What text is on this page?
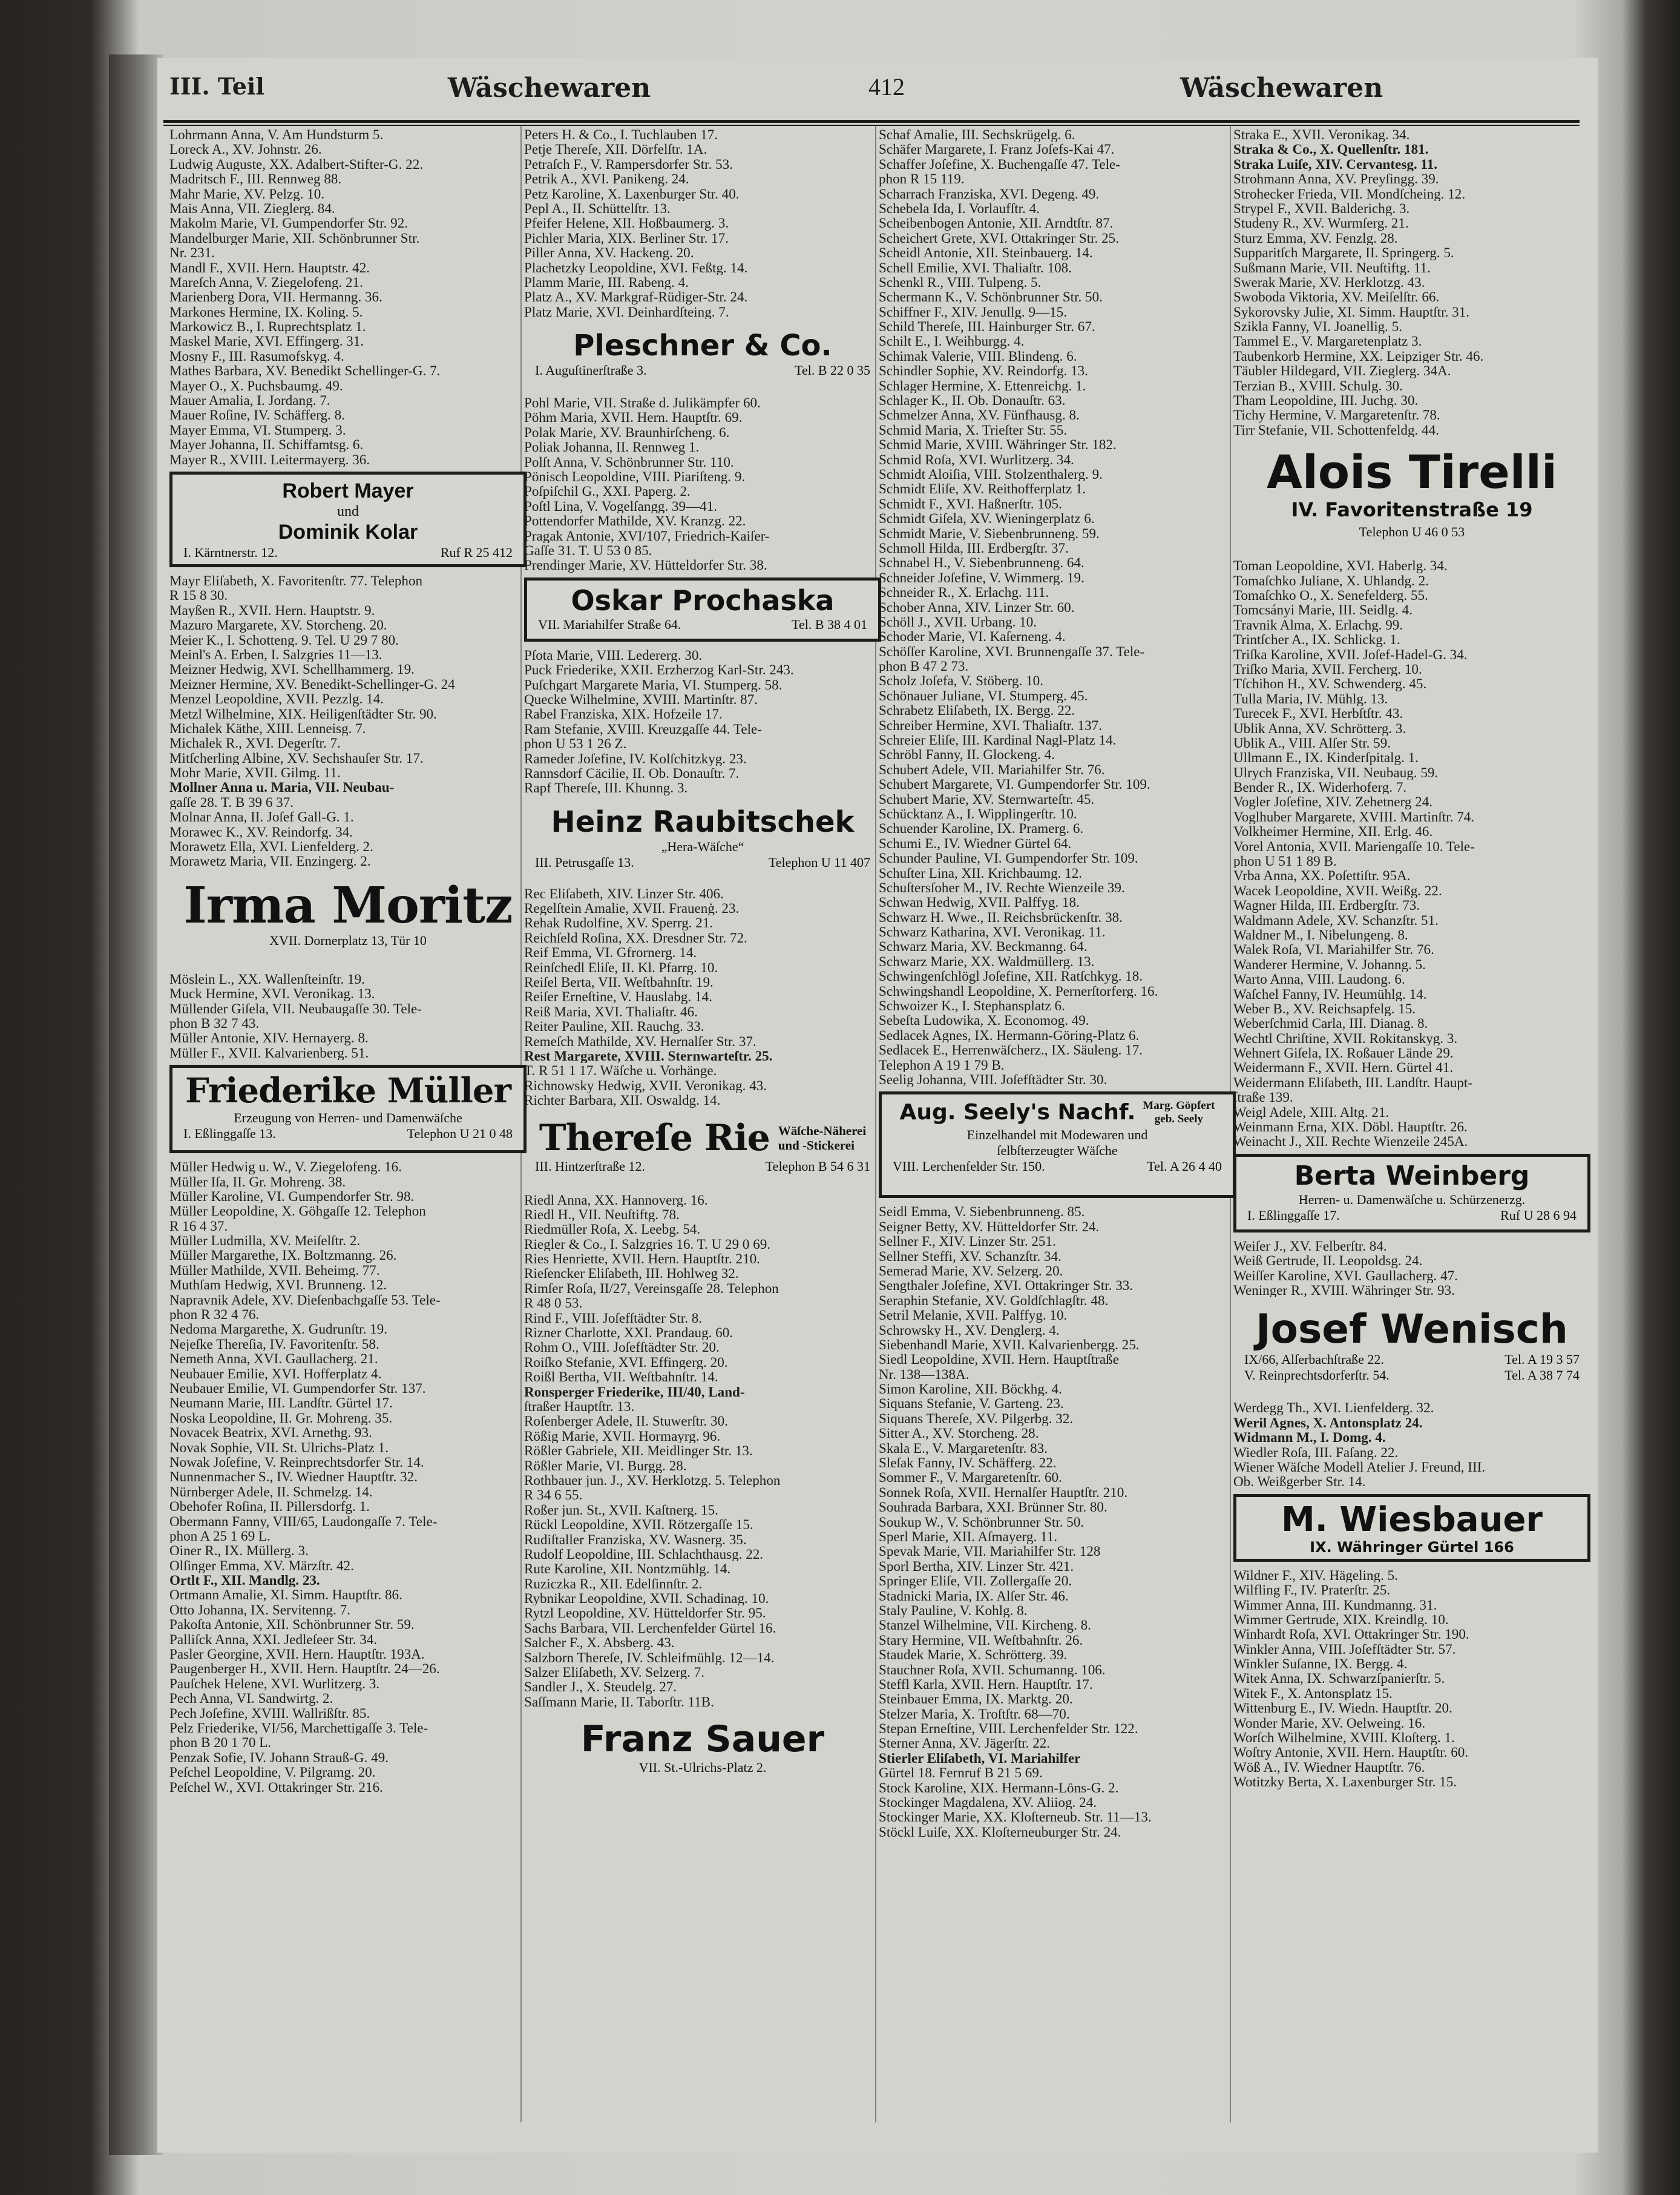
III. Teil	Wäschewaren	412	Wäschewaren
Lohrmann Anna, V. Am Hundsturm 5.
Loreck A., XV. Johnstr. 26.
Ludwig Auguste, XX. Adalbert-Stifter-G. 22.
Madritsch F., III. Rennweg 88.
Mahr Marie, XV. Pelzg. 10.
Mais Anna, VII. Zieglerg. 84.
Makolm Marie, VI. Gumpendorfer Str. 92.
Mandelburger Marie, XII. Schönbrunner Str.
Nr. 231.
Mandl F., XVII. Hern. Hauptstr. 42.
Mareſch Anna, V. Ziegelofeng. 21.
Marienberg Dora, VII. Hermanng. 36.
Markones Hermine, IX. Koling. 5.
Markowicz B., I. Ruprechtsplatz 1.
Maskel Marie, XVI. Effingerg. 31.
Mosny F., III. Rasumofskyg. 4.
Mathes Barbara, XV. Benedikt Schellinger-G. 7.
Mayer O., X. Puchsbaumg. 49.
Mauer Amalia, I. Jordang. 7.
Mauer Roſine, IV. Schäfferg. 8.
Mayer Emma, VI. Stumperg. 3.
Mayer Johanna, II. Schiffamtsg. 6.
Mayer R., XVIII. Leitermayerg. 36.
Robert Mayer
und
Dominik Kolar
I. Kärntnerstr. 12.	Ruf R 25 412
Mayr Eliſabeth, X. Favoritenſtr. 77. Telephon
R 15 8 30.
Mayßen R., XVII. Hern. Hauptstr. 9.
Mazuro Margarete, XV. Storcheng. 20.
Meier K., I. Schotteng. 9. Tel. U 29 7 80.
Meinl's A. Erben, I. Salzgries 11—13.
Meizner Hedwig, XVI. Schellhammerg. 19.
Meizner Hermine, XV. Benedikt-Schellinger-G. 24
Menzel Leopoldine, XVII. Pezzlg. 14.
Metzl Wilhelmine, XIX. Heiligenſtädter Str. 90.
Michalek Käthe, XIII. Lenneisg. 7.
Michalek R., XVI. Degerſtr. 7.
Mitſcherling Albine, XV. Sechshauſer Str. 17.
Mohr Marie, XVII. Gilmg. 11.
Mollner Anna u. Maria, VII. Neubau-
gaſſe 28. T. B 39 6 37.
Molnar Anna, II. Joſef Gall-G. 1.
Morawec K., XV. Reindorfg. 34.
Morawetz Ella, XVI. Lienfelderg. 2.
Morawetz Maria, VII. Enzingerg. 2.
Irma Moritz
XVII. Dornerplatz 13, Tür 10
Möslein L., XX. Wallenſteinſtr. 19.
Muck Hermine, XVI. Veronikag. 13.
Müllender Giſela, VII. Neubaugaſſe 30. Tele-
phon B 32 7 43.
Müller Antonie, XIV. Hernayerg. 8.
Müller F., XVII. Kalvarienberg. 51.
Friederike Müller
Erzeugung von Herren- und Damenwäſche
I. Eßlinggaſſe 13.	Telephon U 21 0 48
Müller Hedwig u. W., V. Ziegelofeng. 16.
Müller Iſa, II. Gr. Mohreng. 38.
Müller Karoline, VI. Gumpendorfer Str. 98.
Müller Leopoldine, X. Göhgaſſe 12. Telephon
R 16 4 37.
Müller Ludmilla, XV. Meiſelſtr. 2.
Müller Margarethe, IX. Boltzmanng. 26.
Müller Mathilde, XVII. Beheimg. 77.
Muthſam Hedwig, XVI. Brunneng. 12.
Napravnik Adele, XV. Dieſenbachgaſſe 53. Tele-
phon R 32 4 76.
Nedoma Margarethe, X. Gudrunſtr. 19.
Nejeſke Thereſia, IV. Favoritenſtr. 58.
Nemeth Anna, XVI. Gaullacherg. 21.
Neubauer Emilie, XVI. Hofferplatz 4.
Neubauer Emilie, VI. Gumpendorfer Str. 137.
Neumann Marie, III. Landſtr. Gürtel 17.
Noska Leopoldine, II. Gr. Mohreng. 35.
Novacek Beatrix, XVI. Arnethg. 93.
Novak Sophie, VII. St. Ulrichs-Platz 1.
Nowak Joſefine, V. Reinprechtsdorfer Str. 14.
Nunnenmacher S., IV. Wiedner Hauptſtr. 32.
Nürnberger Adele, II. Schmelzg. 14.
Obehofer Roſina, II. Pillersdorfg. 1.
Obermann Fanny, VIII/65, Laudongaſſe 7. Tele-
phon A 25 1 69 L.
Oiner R., IX. Müllerg. 3.
Olſinger Emma, XV. Märzſtr. 42.
Ortlt F., XII. Mandlg. 23.
Ortmann Amalie, XI. Simm. Hauptſtr. 86.
Otto Johanna, IX. Servitenng. 7.
Pakoſta Antonie, XII. Schönbrunner Str. 59.
Palliſck Anna, XXI. Jedleſeer Str. 34.
Pasler Georgine, XVII. Hern. Hauptſtr. 193A.
Paugenberger H., XVII. Hern. Hauptſtr. 24—26.
Pauſchek Helene, XVI. Wurlitzerg. 3.
Pech Anna, VI. Sandwirtg. 2.
Pech Joſefine, XVIII. Wallrißſtr. 85.
Pelz Friederike, VI/56, Marchettigaſſe 3. Tele-
phon B 20 1 70 L.
Penzak Sofie, IV. Johann Strauß-G. 49.
Peſchel Leopoldine, V. Pilgramg. 20.
Peſchel W., XVI. Ottakringer Str. 216.
Peters H. & Co., I. Tuchlauben 17.
Petje Thereſe, XII. Dörfelſtr. 1A.
Petraſch F., V. Rampersdorfer Str. 53.
Petrik A., XVI. Panikeng. 24.
Petz Karoline, X. Laxenburger Str. 40.
Pepl A., II. Schüttelſtr. 13.
Pfeifer Helene, XII. Hoßbaumerg. 3.
Pichler Maria, XIX. Berliner Str. 17.
Piller Anna, XV. Hackeng. 20.
Plachetzky Leopoldine, XVI. Feßtg. 14.
Plamm Marie, III. Rabeng. 4.
Platz A., XV. Markgraf-Rüdiger-Str. 24.
Platz Marie, XVI. Deinhardſteing. 7.
Pleschner & Co.
I. Auguſtinerſtraße 3.	Tel. B 22 0 35
Pohl Marie, VII. Straße d. Julikämpfer 60.
Pöhm Maria, XVII. Hern. Hauptſtr. 69.
Polak Marie, XV. Braunhirſcheng. 6.
Poliak Johanna, II. Rennweg 1.
Polſt Anna, V. Schönbrunner Str. 110.
Pönisch Leopoldine, VIII. Piariſteng. 9.
Poſpiſchil G., XXI. Paperg. 2.
Poſtl Lina, V. Vogelſangg. 39—41.
Pottendorfer Mathilde, XV. Kranzg. 22.
Pragak Antonie, XVI/107, Friedrich-Kaiſer-
Gaſſe 31. T. U 53 0 85.
Prendinger Marie, XV. Hütteldorfer Str. 38.
Oskar Prochaska
VII. Mariahilfer Straße 64.	Tel. B 38 4 01
Pſota Marie, VIII. Ledererg. 30.
Puck Friederike, XXII. Erzherzog Karl-Str. 243.
Puſchgart Margarete Maria, VI. Stumperg. 58.
Quecke Wilhelmine, XVIII. Martinſtr. 87.
Rabel Franziska, XIX. Hofzeile 17.
Ram Stefanie, XVIII. Kreuzgaſſe 44. Tele-
phon U 53 1 26 Z.
Rameder Joſefine, IV. Kolſchitzkyg. 23.
Rannsdorf Cäcilie, II. Ob. Donauſtr. 7.
Rapf Thereſe, III. Khunng. 3.
Heinz Raubitschek
„Hera-Wäſche“
III. Petrusgaſſe 13.	Telephon U 11 407
Rec Eliſabeth, XIV. Linzer Str. 406.
Regelſtein Amalie, XVII. Frauenģ. 23.
Rehak Rudolfine, XV. Sperrg. 21.
Reichſeld Roſina, XX. Dresdner Str. 72.
Reif Emma, VI. Gfrornerg. 14.
Reinſchedl Eliſe, II. Kl. Pfarrg. 10.
Reiſel Berta, VII. Weſtbahnſtr. 19.
Reiſer Erneſtine, V. Hauslabg. 14.
Reiß Maria, XVI. Thaliaſtr. 46.
Reiter Pauline, XII. Rauchg. 33.
Remeſch Mathilde, XV. Hernalſer Str. 37.
Rest Margarete, XVIII. Sternwarteſtr. 25.
T. R 51 1 17. Wäſche u. Vorhänge.
Richnowsky Hedwig, XVII. Veronikag. 43.
Richter Barbara, XII. Oswaldg. 14.
Thereſe Rie Wäſche-Näherei
und -Stickerei
III. Hintzerſtraße 12.	Telephon B 54 6 31
Riedl Anna, XX. Hannoverg. 16.
Riedl H., VII. Neuſtiftg. 78.
Riedmüller Roſa, X. Leebg. 54.
Riegler & Co., I. Salzgries 16. T. U 29 0 69.
Ries Henriette, XVII. Hern. Hauptſtr. 210.
Rieſencker Eliſabeth, III. Hohlweg 32.
Rimſer Roſa, II/27, Vereinsgaſſe 28. Telephon
R 48 0 53.
Rind F., VIII. Joſefſtädter Str. 8.
Rizner Charlotte, XXI. Prandaug. 60.
Rohm O., VIII. Joſefſtädter Str. 20.
Roiſko Stefanie, XVI. Effingerg. 20.
Roißl Bertha, VII. Weſtbahnſtr. 14.
Ronsperger Friederike, III/40, Land-
ſtraßer Hauptſtr. 13.
Roſenberger Adele, II. Stuwerſtr. 30.
Rößig Marie, XVII. Hormayrg. 96.
Rößler Gabriele, XII. Meidlinger Str. 13.
Rößler Marie, VI. Burgg. 28.
Rothbauer jun. J., XV. Herklotzg. 5. Telephon
R 34 6 55.
Roßer jun. St., XVII. Kaſtnerg. 15.
Rückl Leopoldine, XVII. Rötzergaſſe 15.
Rudiſtaller Franziska, XV. Wasnerg. 35.
Rudolf Leopoldine, III. Schlachthausg. 22.
Rute Karoline, XII. Nontzmühlg. 14.
Ruziczka R., XII. Edelſinnſtr. 2.
Rybnikar Leopoldine, XVII. Schadinag. 10.
Rytzl Leopoldine, XV. Hütteldorfer Str. 95.
Sachs Barbara, VII. Lerchenfelder Gürtel 16.
Salcher F., X. Absberg. 43.
Salzborn Thereſe, IV. Schleifmühlg. 12—14.
Salzer Eliſabeth, XV. Selzerg. 7.
Sandler J., X. Steudelg. 27.
Saſſmann Marie, II. Taborſtr. 11B.
Franz Sauer
VII. St.-Ulrichs-Platz 2.
Schaf Amalie, III. Sechskrügelg. 6.
Schäfer Margarete, I. Franz Joſefs-Kai 47.
Schaffer Joſefine, X. Buchengaſſe 47. Tele-
phon R 15 119.
Scharrach Franziska, XVI. Degeng. 49.
Schebela Ida, I. Vorlaufſtr. 4.
Scheibenbogen Antonie, XII. Arndtſtr. 87.
Scheichert Grete, XVI. Ottakringer Str. 25.
Scheidl Antonie, XII. Steinbauerg. 14.
Schell Emilie, XVI. Thaliaſtr. 108.
Schenkl R., VIII. Tulpeng. 5.
Schermann K., V. Schönbrunner Str. 50.
Schiffner F., XIV. Jenullg. 9—15.
Schild Thereſe, III. Hainburger Str. 67.
Schilt E., I. Weihburgg. 4.
Schimak Valerie, VIII. Blindeng. 6.
Schindler Sophie, XV. Reindorfg. 13.
Schlager Hermine, X. Ettenreichg. 1.
Schlager K., II. Ob. Donauſtr. 63.
Schmelzer Anna, XV. Fünfhausg. 8.
Schmid Maria, X. Trieſter Str. 55.
Schmid Marie, XVIII. Währinger Str. 182.
Schmid Roſa, XVI. Wurlitzerg. 34.
Schmidt Aloiſia, VIII. Stolzenthalerg. 9.
Schmidt Eliſe, XV. Reithofferplatz 1.
Schmidt F., XVI. Haßnerſtr. 105.
Schmidt Giſela, XV. Wieningerplatz 6.
Schmidt Marie, V. Siebenbrunneng. 59.
Schmoll Hilda, III. Erdbergſtr. 37.
Schnabel H., V. Siebenbrunneng. 64.
Schneider Joſefine, V. Wimmerg. 19.
Schneider R., X. Erlachg. 111.
Schober Anna, XIV. Linzer Str. 60.
Schöll J., XVII. Urbang. 10.
Schoder Marie, VI. Kaſerneng. 4.
Schöſſer Karoline, XVI. Brunnengaſſe 37. Tele-
phon B 47 2 73.
Scholz Joſefa, V. Stöberg. 10.
Schönauer Juliane, VI. Stumperg. 45.
Schrabetz Eliſabeth, IX. Bergg. 22.
Schreiber Hermine, XVI. Thaliaſtr. 137.
Schreier Eliſe, III. Kardinal Nagl-Platz 14.
Schröbl Fanny, II. Glockeng. 4.
Schubert Adele, VII. Mariahilfer Str. 76.
Schubert Margarete, VI. Gumpendorfer Str. 109.
Schubert Marie, XV. Sternwarteſtr. 45.
Schücktanz A., I. Wipplingerſtr. 10.
Schuender Karoline, IX. Pramerg. 6.
Schumi E., IV. Wiedner Gürtel 64.
Schunder Pauline, VI. Gumpendorfer Str. 109.
Schuſter Lina, XII. Krichbaumg. 12.
Schuſtersſoher M., IV. Rechte Wienzeile 39.
Schwan Hedwig, XVII. Palffyg. 18.
Schwarz H. Wwe., II. Reichsbrückenſtr. 38.
Schwarz Katharina, XVI. Veronikag. 11.
Schwarz Maria, XV. Beckmanng. 64.
Schwarz Marie, XX. Waldmüllerg. 13.
Schwingenſchlögl Joſefine, XII. Ratſchkyg. 18.
Schwingshandl Leopoldine, X. Pernerſtorferg. 16.
Schwoizer K., I. Stephansplatz 6.
Sebeſta Ludowika, X. Economog. 49.
Sedlacek Agnes, IX. Hermann-Göring-Platz 6.
Sedlacek E., Herrenwäſcherz., IX. Säuleng. 17.
Telephon A 19 1 79 B.
Seelig Johanna, VIII. Joſefſtädter Str. 30.
Aug. Seely's Nachf. Marg. Göpfert
geb. Seely
Einzelhandel mit Modewaren und
ſelbſterzeugter Wäſche
VIII. Lerchenfelder Str. 150.	Tel. A 26 4 40
Seidl Emma, V. Siebenbrunneng. 85.
Seigner Betty, XV. Hütteldorfer Str. 24.
Sellner F., XIV. Linzer Str. 251.
Sellner Steffi, XV. Schanzſtr. 34.
Semerad Marie, XV. Selzerg. 20.
Sengthaler Joſefine, XVI. Ottakringer Str. 33.
Seraphin Stefanie, XV. Goldſchlagſtr. 48.
Setril Melanie, XVII. Palffyg. 10.
Schrowsky H., XV. Denglerg. 4.
Siebenhandl Marie, XVII. Kalvarienbergg. 25.
Siedl Leopoldine, XVII. Hern. Hauptſtraße
Nr. 138—138A.
Simon Karoline, XII. Böckhg. 4.
Siquans Stefanie, V. Garteng. 23.
Siquans Thereſe, XV. Pilgerbg. 32.
Sitter A., XV. Storcheng. 28.
Skala E., V. Margaretenſtr. 83.
Sleſak Fanny, IV. Schäfferg. 22.
Sommer F., V. Margaretenſtr. 60.
Sonnek Roſa, XVII. Hernalſer Hauptſtr. 210.
Souhrada Barbara, XXI. Brünner Str. 80.
Soukup W., V. Schönbrunner Str. 50.
Sperl Marie, XII. Aſmayerg. 11.
Spevak Marie, VII. Mariahilfer Str. 128
Sporl Bertha, XIV. Linzer Str. 421.
Springer Eliſe, VII. Zollergaſſe 20.
Stadnicki Maria, IX. Alſer Str. 46.
Staly Pauline, V. Kohlg. 8.
Stanzel Wilhelmine, VII. Kircheng. 8.
Stary Hermine, VII. Weſtbahnſtr. 26.
Staudek Marie, X. Schrötterg. 39.
Stauchner Roſa, XVII. Schumanng. 106.
Steffl Karla, XVII. Hern. Hauptſtr. 17.
Steinbauer Emma, IX. Marktg. 20.
Stelzer Maria, X. Troſtſtr. 68—70.
Stepan Erneſtine, VIII. Lerchenfelder Str. 122.
Sterner Anna, XV. Jägerſtr. 22.
Stierler Eliſabeth, VI. Mariahilfer
Gürtel 18. Fernruf B 21 5 69.
Stock Karoline, XIX. Hermann-Löns-G. 2.
Stockinger Magdalena, XV. Aliiog. 24.
Stockinger Marie, XX. Kloſterneub. Str. 11—13.
Stöckl Luiſe, XX. Kloſterneuburger Str. 24.
Straka E., XVII. Veronikag. 34.
Straka & Co., X. Quellenſtr. 181.
Straka Luiſe, XIV. Cervantesg. 11.
Strohmann Anna, XV. Preyſingg. 39.
Strohecker Frieda, VII. Mondſcheing. 12.
Strypel F., XVII. Balderichg. 3.
Studeny R., XV. Wurmſerg. 21.
Sturz Emma, XV. Fenzlg. 28.
Supparitſch Margarete, II. Springerg. 5.
Sußmann Marie, VII. Neuſtiftg. 11.
Swerak Marie, XV. Herklotzg. 43.
Swoboda Viktoria, XV. Meiſelſtr. 66.
Sykorovsky Julie, XI. Simm. Hauptſtr. 31.
Szikla Fanny, VI. Joanellig. 5.
Tammel E., V. Margaretenplatz 3.
Taubenkorb Hermine, XX. Leipziger Str. 46.
Täubler Hildegard, VII. Zieglerg. 34A.
Terzian B., XVIII. Schulg. 30.
Tham Leopoldine, III. Juchg. 30.
Tichy Hermine, V. Margaretenſtr. 78.
Tirr Stefanie, VII. Schottenfeldg. 44.
Alois Tirelli
IV. Favoritenstraße 19
Telephon U 46 0 53
Toman Leopoldine, XVI. Haberlg. 34.
Tomaſchko Juliane, X. Uhlandg. 2.
Tomaſchko O., X. Senefelderg. 55.
Tomcsányi Marie, III. Seidlg. 4.
Travnik Alma, X. Erlachg. 99.
Trintſcher A., IX. Schlickg. 1.
Triſka Karoline, XVII. Joſef-Hadel-G. 34.
Triſko Maria, XVII. Fercherg. 10.
Tſchihon H., XV. Schwenderg. 45.
Tulla Maria, IV. Mühlg. 13.
Turecek F., XVI. Herbſtſtr. 43.
Ublik Anna, XV. Schrötterg. 3.
Ublik A., VIII. Alſer Str. 59.
Ullmann E., IX. Kinderſpitalg. 1.
Ulrych Franziska, VII. Neubaug. 59.
Bender R., IX. Widerhoferg. 7.
Vogler Joſefine, XIV. Zehetnerg 24.
Voglhuber Margarete, XVIII. Martinſtr. 74.
Volkheimer Hermine, XII. Erlg. 46.
Vorel Antonia, XVII. Mariengaſſe 10. Tele-
phon U 51 1 89 B.
Vrba Anna, XX. Poſettiſtr. 95A.
Wacek Leopoldine, XVII. Weißg. 22.
Wagner Hilda, III. Erdbergſtr. 73.
Waldmann Adele, XV. Schanzſtr. 51.
Waldner M., I. Nibelungeng. 8.
Walek Roſa, VI. Mariahilfer Str. 76.
Wanderer Hermine, V. Johanng. 5.
Warto Anna, VIII. Laudong. 6.
Waſchel Fanny, IV. Heumühlg. 14.
Weber B., XV. Reichsapfelg. 15.
Weberſchmid Carla, III. Dianag. 8.
Wechtl Chriſtine, XVII. Rokitanskyg. 3.
Wehnert Giſela, IX. Roßauer Lände 29.
Weidermann F., XVII. Hern. Gürtel 41.
Weidermann Eliſabeth, III. Landſtr. Haupt-
ſtraße 139.
Weigl Adele, XIII. Altg. 21.
Weinmann Erna, XIX. Döbl. Hauptſtr. 26.
Weinacht J., XII. Rechte Wienzeile 245A.
Berta Weinberg
Herren- u. Damenwäſche u. Schürzenerzg.
I. Eßlinggaſſe 17.	Ruf U 28 6 94
Weiſer J., XV. Felberſtr. 84.
Weiß Gertrude, II. Leopoldsg. 24.
Weiſſer Karoline, XVI. Gaullacherg. 47.
Weninger R., XVIII. Währinger Str. 93.
Josef Wenisch
IX/66, Alſerbachſtraße 22.	Tel. A 19 3 57
V. Reinprechtsdorferſtr. 54.	Tel. A 38 7 74
Werdegg Th., XVI. Lienfelderg. 32.
Weril Agnes, X. Antonsplatz 24.
Widmann M., I. Domg. 4.
Wiedler Roſa, III. Faſang. 22.
Wiener Wäſche Modell Atelier J. Freund, III.
Ob. Weißgerber Str. 14.
M. Wiesbauer
IX. Währinger Gürtel 166
Wildner F., XIV. Hägeling. 5.
Wilfling F., IV. Praterſtr. 25.
Wimmer Anna, III. Kundmanng. 31.
Wimmer Gertrude, XIX. Kreindlg. 10.
Winhardt Roſa, XVI. Ottakringer Str. 190.
Winkler Anna, VIII. Joſefſtädter Str. 57.
Winkler Suſanne, IX. Bergg. 4.
Witek Anna, IX. Schwarzſpanierſtr. 5.
Witek F., X. Antonsplatz 15.
Wittenburg E., IV. Wiedn. Hauptſtr. 20.
Wonder Marie, XV. Oelweing. 16.
Worſch Wilhelmine, XVIII. Kloſterg. 1.
Woſtry Antonie, XVII. Hern. Hauptſtr. 60.
Wöß A., IV. Wiedner Hauptſtr. 76.
Wotitzky Berta, X. Laxenburger Str. 15.
